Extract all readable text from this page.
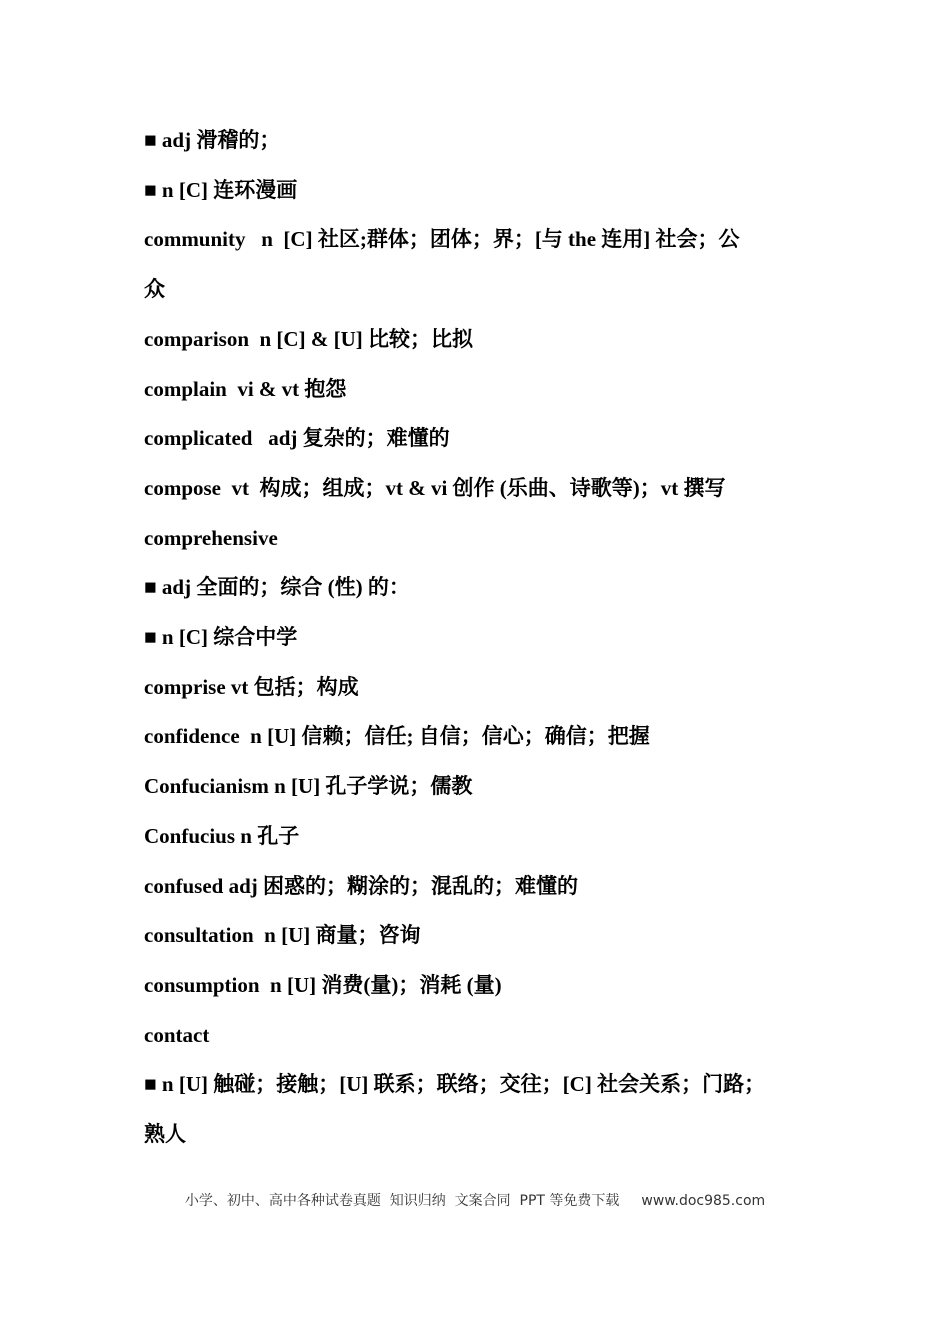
■ adj 滑稽的；
■ n [C] 连环漫画
community   n  [C] 社区;群体；团体；界；[与 the 连用] 社会；公
众
comparison  n [C] & [U] 比较；比拟
complain  vi & vt 抱怨
complicated   adj 复杂的；难懂的
compose  vt  构成；组成；vt & vi 创作 (乐曲、诗歌等)；vt 撰写
comprehensive
■ adj 全面的；综合 (性) 的：
■ n [C] 综合中学
comprise vt 包括；构成
confidence  n [U] 信赖；信任; 自信；信心；确信；把握
Confucianism n [U] 孔子学说；儒教
Confucius n 孔子
confused adj 困惑的；糊涂的；混乱的；难懂的
consultation  n [U] 商量；咨询
consumption  n [U] 消费(量)；消耗 (量)
contact
■ n [U] 触碰；接触；[U] 联系；联络；交往；[C] 社会关系；门路；
熟人
小学、初中、高中各种试卷真题  知识归纳  文案合同  PPT 等免费下载 www.doc985.com
